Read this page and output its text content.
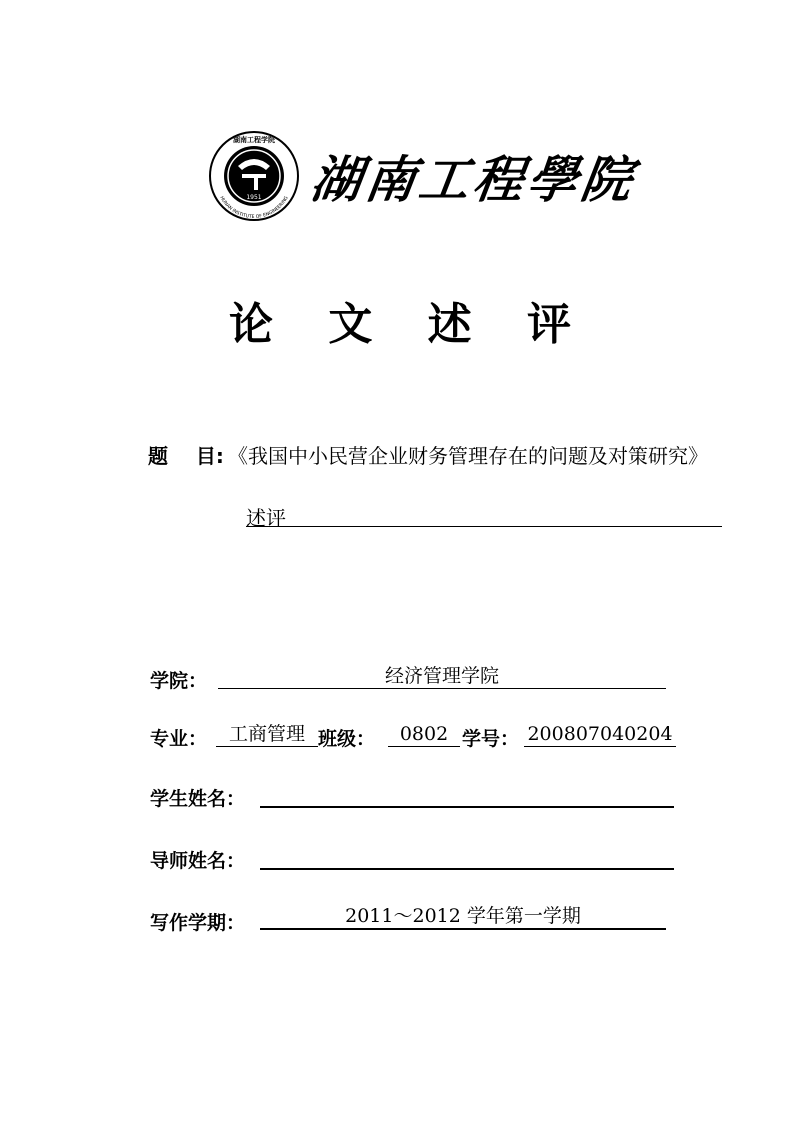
1951
湖南工程学院
HUNAN INSTITUTE OF ENGINEERING 湖南工程學院
论 文 述 评
题    目: 《我国中小民营企业财务管理存在的问题及对策研究》
述评
学院：	经济管理学院
专业：	工商管理 班级：	0802 学号： 200807040204
学生姓名：
导师姓名：
写作学期：	2011～2012 学年第一学期
